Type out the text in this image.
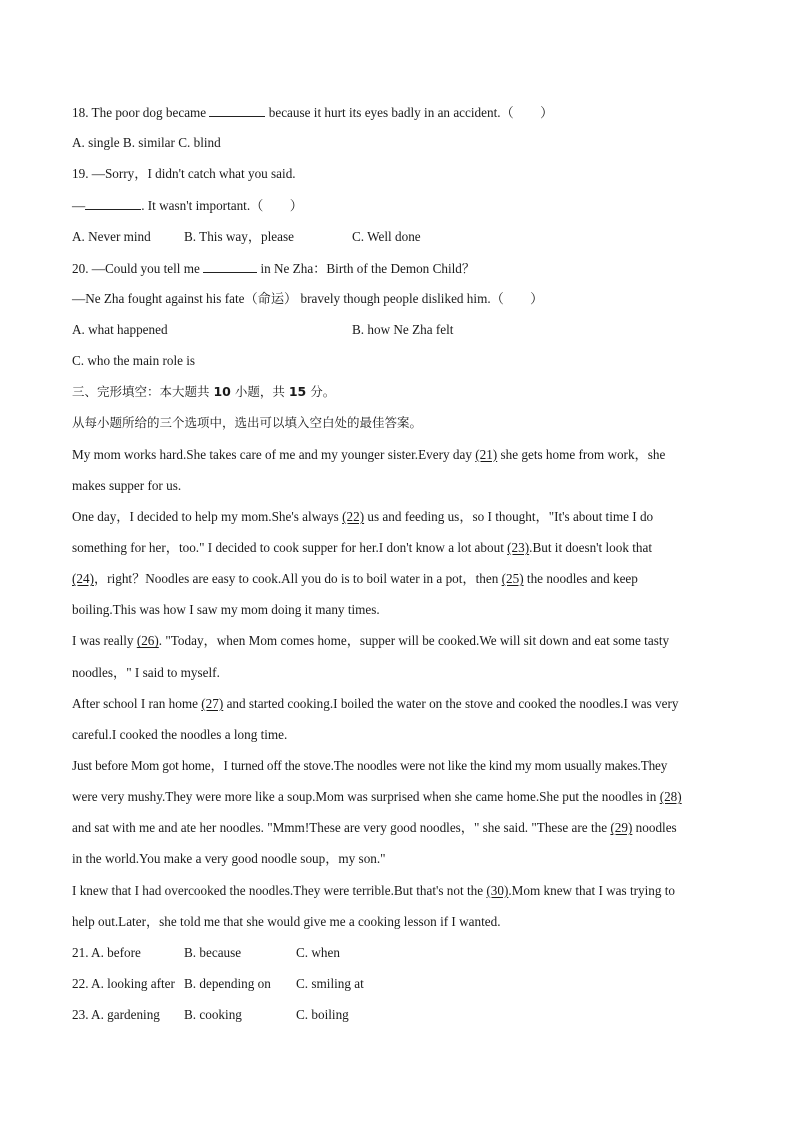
18. The poor dog became	because it hurt its eyes badly in an accident.（　　）
A. single B. similar C. blind
19. —Sorry，I didn't catch what you said.
—	. It wasn't important.（　　）
A. Never mind	B. This way，please	C. Well done
20. —Could you tell me	in Ne Zha：Birth of the Demon Child？
—Ne Zha fought against his fate（命运） bravely though people disliked him.（　　）
A. what happened	B. how Ne Zha felt
C. who the main role is
三、完形填空：本大题共 10 小题，共 15 分。
从每小题所给的三个选项中，选出可以填入空白处的最佳答案。
My mom works hard.She takes care of me and my younger sister.Every day (21) she gets home from work，she
makes supper for us.
One day，I decided to help my mom.She's always (22) us and feeding us，so I thought，"It's about time I do
something for her，too." I decided to cook supper for her.I don't know a lot about (23).But it doesn't look that
(24)，right？Noodles are easy to cook.All you do is to boil water in a pot，then (25) the noodles and keep
boiling.This was how I saw my mom doing it many times.
I was really (26). "Today，when Mom comes home，supper will be cooked.We will sit down and eat some tasty
noodles，" I said to myself.
After school I ran home (27) and started cooking.I boiled the water on the stove and cooked the noodles.I was very
careful.I cooked the noodles a long time.
Just before Mom got home，I turned off the stove.The noodles were not like the kind my mom usually makes.They
were very mushy.They were more like a soup.Mom was surprised when she came home.She put the noodles in (28)
and sat with me and ate her noodles. "Mmm!These are very good noodles，" she said. "These are the (29) noodles
in the world.You make a very good noodle soup，my son."
I knew that I had overcooked the noodles.They were terrible.But that's not the (30).Mom knew that I was trying to
help out.Later，she told me that she would give me a cooking lesson if I wanted.
21. A. before	B. because	C. when
22. A. looking after B. depending on C. smiling at
23. A. gardening B. cooking	C. boiling
